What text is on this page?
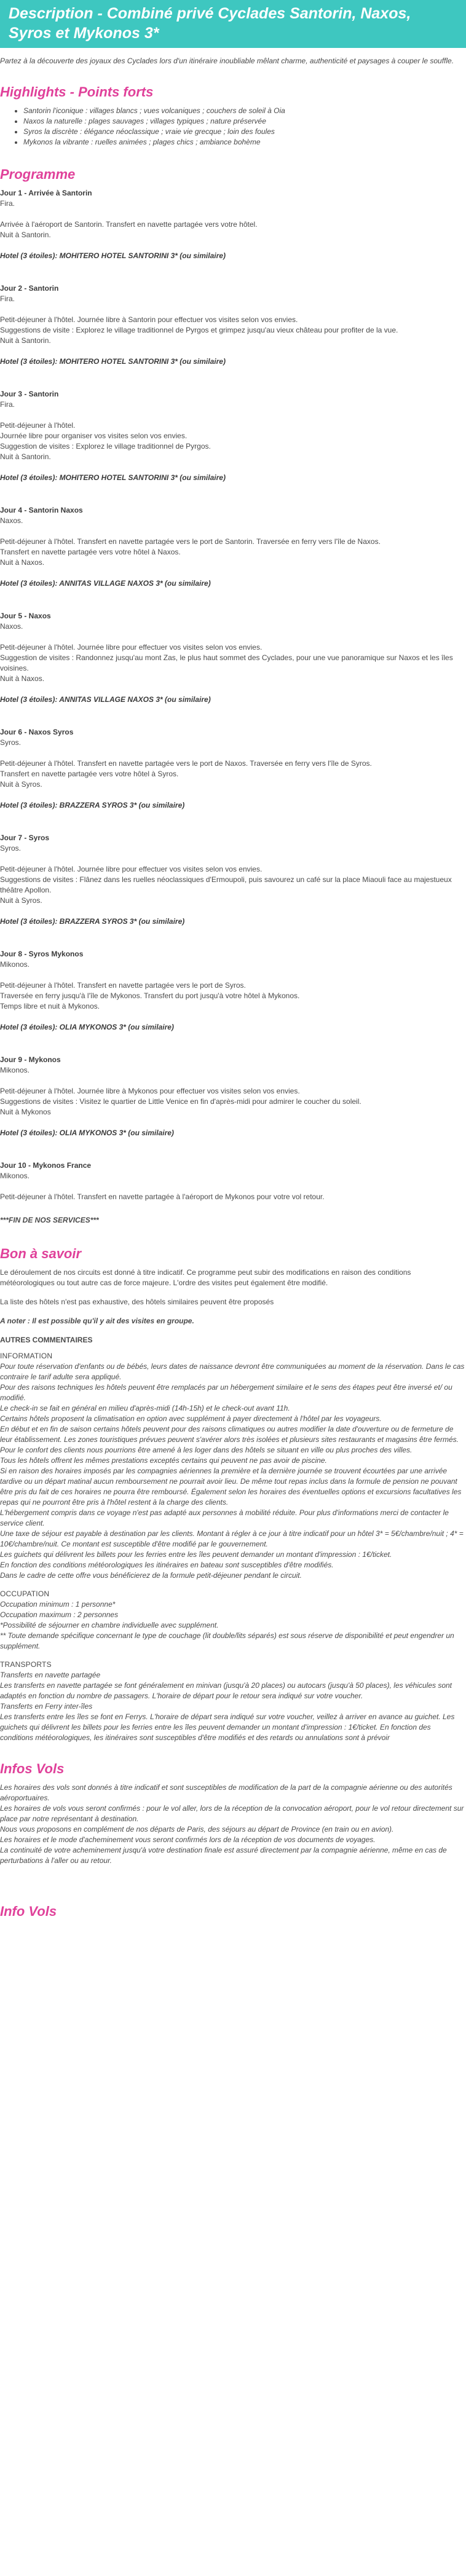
Description - Combiné privé Cyclades Santorin, Naxos, Syros et Mykonos 3*

Partez à la découverte des joyaux des Cyclades lors d'un itinéraire inoubliable mêlant charme, authenticité et paysages à couper le souffle.

Highlights - Points forts
• Santorin l'iconique : villages blancs ; vues volcaniques ; couchers de soleil à Oia
• Naxos la naturelle : plages sauvages ; villages typiques ; nature préservée
• Syros la discrète : élégance néoclassique ; vraie vie grecque ; loin des foules
• Mykonos la vibrante : ruelles animées ; plages chics ; ambiance bohème
Programme
Jour 1 - Arrivée à Santorin
Fira.
Arrivée à l'aéroport de Santorin. Transfert en navette partagée vers votre hôtel.
Nuit à Santorin.
Hotel (3 étoiles): MOHITERO HOTEL SANTORINI 3* (ou similaire)
Jour 2 - Santorin
Fira.
Petit-déjeuner à l'hôtel. Journée libre à Santorin pour effectuer vos visites selon vos envies.
Suggestions de visite : Explorez le village traditionnel de Pyrgos et grimpez jusqu'au vieux château pour profiter de la vue.
Nuit à Santorin.
Hotel (3 étoiles): MOHITERO HOTEL SANTORINI 3* (ou similaire)
Jour 3 - Santorin
Fira.
Petit-déjeuner à l'hôtel.
Journée libre pour organiser vos visites selon vos envies.
Suggestion de visites : Explorez le village traditionnel de Pyrgos.
Nuit à Santorin.
Hotel (3 étoiles): MOHITERO HOTEL SANTORINI 3* (ou similaire)
Jour 4 - Santorin Naxos
Naxos.
Petit-déjeuner à l'hôtel. Transfert en navette partagée vers le port de Santorin. Traversée en ferry vers l'île de Naxos.
Transfert en navette partagée vers votre hôtel à Naxos.
Nuit à Naxos.
Hotel (3 étoiles): ANNITAS VILLAGE NAXOS 3* (ou similaire)
Jour 5 - Naxos
Naxos.
Petit-déjeuner à l'hôtel. Journée libre pour effectuer vos visites selon vos envies.
Suggestion de visites : Randonnez jusqu'au mont Zas, le plus haut sommet des Cyclades, pour une vue panoramique sur Naxos et les îles voisines.
Nuit à Naxos.
Hotel (3 étoiles): ANNITAS VILLAGE NAXOS 3* (ou similaire)
Jour 6 - Naxos Syros
Syros.
Petit-déjeuner à l'hôtel. Transfert en navette partagée vers le port de Naxos. Traversée en ferry vers l'île de Syros.
Transfert en navette partagée vers votre hôtel à Syros.
Nuit à Syros.
Hotel (3 étoiles): BRAZZERA SYROS 3* (ou similaire)
Jour 7 - Syros
Syros.
Petit-déjeuner à l'hôtel. Journée libre pour effectuer vos visites selon vos envies.
Suggestions de visites : Flânez dans les ruelles néoclassiques d'Ermoupoli, puis savourez un café sur la place Miaouli face au majestueux théâtre Apollon.
Nuit à Syros.
Hotel (3 étoiles): BRAZZERA SYROS 3* (ou similaire)
Jour 8 - Syros Mykonos
Mikonos.
Petit-déjeuner à l'hôtel. Transfert en navette partagée vers le port de Syros.
Traversée en ferry jusqu'à l'île de Mykonos. Transfert du port jusqu'à votre hôtel à Mykonos.
Temps libre et nuit à Mykonos.
Hotel (3 étoiles): OLIA MYKONOS 3* (ou similaire)
Jour 9 - Mykonos
Mikonos.
Petit-déjeuner à l'hôtel. Journée libre à Mykonos pour effectuer vos visites selon vos envies.
Suggestions de visites : Visitez le quartier de Little Venice en fin d'après-midi pour admirer le coucher du soleil.
Nuit à Mykonos
Hotel (3 étoiles): OLIA MYKONOS 3* (ou similaire)
Jour 10 - Mykonos France
Mikonos.
Petit-déjeuner à l'hôtel. Transfert en navette partagée à l'aéroport de Mykonos pour votre vol retour.
***FIN DE NOS SERVICES***
Bon à savoir

Le déroulement de nos circuits est donné à titre indicatif. Ce programme peut subir des modifications en raison des conditions météorologiques ou tout autre cas de force majeure. L'ordre des visites peut également être modifié.

La liste des hôtels n'est pas exhaustive, des hôtels similaires peuvent être proposés

A noter : Il est possible qu'il y ait des visites en groupe.

AUTRES COMMENTAIRES

INFORMATION
Pour toute réservation d'enfants ou de bébés, leurs dates de naissance devront être communiquées au moment de la réservation. Dans le cas contraire le tarif adulte sera appliqué.
Pour des raisons techniques les hôtels peuvent être remplacés par un hébergement similaire et le sens des étapes peut être inversé et/ ou modifié.
Le check-in se fait en général en milieu d'après-midi (14h-15h) et le check-out avant 11h.
Certains hôtels proposent la climatisation en option avec supplément à payer directement à l'hôtel par les voyageurs.
En début et en fin de saison certains hôtels peuvent pour des raisons climatiques ou autres modifier la date d'ouverture ou de fermeture de leur établissement. Les zones touristiques prévues peuvent s'avérer alors très isolées et plusieurs sites restaurants et magasins être fermés. Pour le confort des clients nous pourrions être amené à les loger dans des hôtels se situant en ville ou plus proches des villes.
Tous les hôtels offrent les mêmes prestations exceptés certains qui peuvent ne pas avoir de piscine.
Si en raison des horaires imposés par les compagnies aériennes la première et la dernière journée se trouvent écourtées par une arrivée tardive ou un départ matinal aucun remboursement ne pourrait avoir lieu. De même tout repas inclus dans la formule de pension ne pouvant être pris du fait de ces horaires ne pourra être remboursé. Également selon les horaires des éventuelles options et excursions facultatives les repas qui ne pourront être pris à l'hôtel restent à la charge des clients.
L'hébergement compris dans ce voyage n'est pas adapté aux personnes à mobilité réduite. Pour plus d'informations merci de contacter le service client.
Une taxe de séjour est payable à destination par les clients. Montant à régler à ce jour à titre indicatif pour un hôtel 3* = 5€/chambre/nuit ; 4* = 10€/chambre/nuit. Ce montant est susceptible d'être modifié par le gouvernement.
Les guichets qui délivrent les billets pour les ferries entre les îles peuvent demander un montant d'impression : 1€/ticket.
En fonction des conditions météorologiques les itinéraires en bateau sont susceptibles d'être modifiés.
Dans le cadre de cette offre vous bénéficierez de la formule petit-déjeuner pendant le circuit.
OCCUPATION
Occupation minimum : 1 personne*
Occupation maximum : 2 personnes
*Possibilité de séjourner en chambre individuelle avec supplément.
** Toute demande spécifique concernant le type de couchage (lit double/lits séparés) est sous réserve de disponibilité et peut engendrer un supplément.
TRANSPORTS
Transferts en navette partagée
Les transferts en navette partagée se font généralement en minivan (jusqu'à 20 places) ou autocars (jusqu'à 50 places), les véhicules sont adaptés en fonction du nombre de passagers. L'horaire de départ pour le retour sera indiqué sur votre voucher.
Transferts en Ferry inter-îles
Les transferts entre les îles se font en Ferrys. L'horaire de départ sera indiqué sur votre voucher, veillez à arriver en avance au guichet. Les guichets qui délivrent les billets pour les ferries entre les îles peuvent demander un montant d'impression : 1€/ticket. En fonction des conditions météorologiques, les itinéraires sont susceptibles d'être modifiés et des retards ou annulations sont à prévoir
Infos Vols
Les horaires des vols sont donnés à titre indicatif et sont susceptibles de modification de la part de la compagnie aérienne ou des autorités aéroportuaires.
Les horaires de vols vous seront confirmés : pour le vol aller, lors de la réception de la convocation aéroport, pour le vol retour directement sur place par notre représentant à destination.
Nous vous proposons en complément de nos départs de Paris, des séjours au départ de Province (en train ou en avion).
Les horaires et le mode d'acheminement vous seront confirmés lors de la réception de vos documents de voyages.
La continuité de votre acheminement jusqu'à votre destination finale est assuré directement par la compagnie aérienne, même en cas de perturbations à l'aller ou au retour.
Info Vols
